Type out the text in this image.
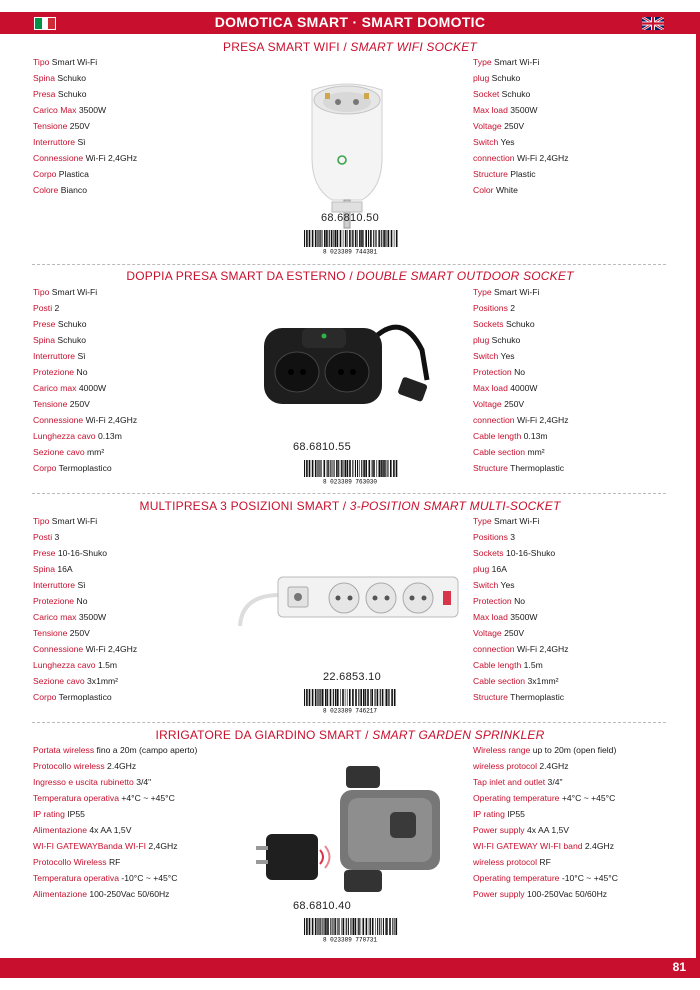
DOMOTICA SMART · SMART DOMOTIC
PRESA SMART WIFI / SMART WIFI SOCKET
Tipo Smart Wi-Fi
Spina Schuko
Presa Schuko
Carico Max 3500W
Tensione 250V
Interruttore Sì
Connessione Wi-Fi 2,4GHz
Corpo Plastica
Colore Bianco
Type Smart Wi-Fi
plug Schuko
Socket Schuko
Max load 3500W
Voltage 250V
Switch Yes
connection Wi-Fi 2,4GHz
Structure Plastic
Color White
68.6810.50
8 023389 744381
DOPPIA PRESA SMART DA ESTERNO / DOUBLE SMART OUTDOOR SOCKET
Tipo Smart Wi-Fi
Posti 2
Prese Schuko
Spina Schuko
Interruttore Sì
Protezione No
Carico max 4000W
Tensione 250V
Connessione Wi-Fi 2,4GHz
Lunghezza cavo 0.13m
Sezione cavo mm²
Corpo Termoplastico
Type Smart Wi-Fi
Positions 2
Sockets Schuko
plug Schuko
Switch Yes
Protection No
Max load 4000W
Voltage 250V
connection Wi-Fi 2,4GHz
Cable length 0.13m
Cable section mm²
Structure Thermoplastic
68.6810.55
8 023389 763030
MULTIPRESA 3 POSIZIONI SMART / 3-POSITION SMART MULTI-SOCKET
Tipo Smart Wi-Fi
Posti 3
Prese 10-16-Shuko
Spina 16A
Interruttore Sì
Protezione No
Carico max 3500W
Tensione 250V
Connessione Wi-Fi 2,4GHz
Lunghezza cavo 1.5m
Sezione cavo 3x1mm²
Corpo Termoplastico
Type Smart Wi-Fi
Positions 3
Sockets 10-16-Shuko
plug 16A
Switch Yes
Protection No
Max load 3500W
Voltage 250V
connection Wi-Fi 2,4GHz
Cable length 1.5m
Cable section 3x1mm²
Structure Thermoplastic
22.6853.10
8 023389 746217
IRRIGATORE DA GIARDINO SMART / SMART GARDEN SPRINKLER
Portata wireless fino a 20m (campo aperto)
Protocollo wireless 2.4GHz
Ingresso e uscita rubinetto 3/4"
Temperatura operativa +4°C ~ +45°C
IP rating IP55
Alimentazione 4x AA 1,5V
WI-FI GATEWAYBanda WI-FI 2,4GHz
Protocollo Wireless RF
Temperatura operativa -10°C ~ +45°C
Alimentazione 100-250Vac 50/60Hz
Wireless range up to 20m (open field)
wireless protocol 2.4GHz
Tap inlet and outlet 3/4"
Operating temperature +4°C ~ +45°C
IP rating IP55
Power supply 4x AA 1,5V
WI-FI GATEWAY WI-FI band 2.4GHz
wireless protocol RF
Operating temperature -10°C ~ +45°C
Power supply 100-250Vac 50/60Hz
68.6810.40
8 023389 770731
81
